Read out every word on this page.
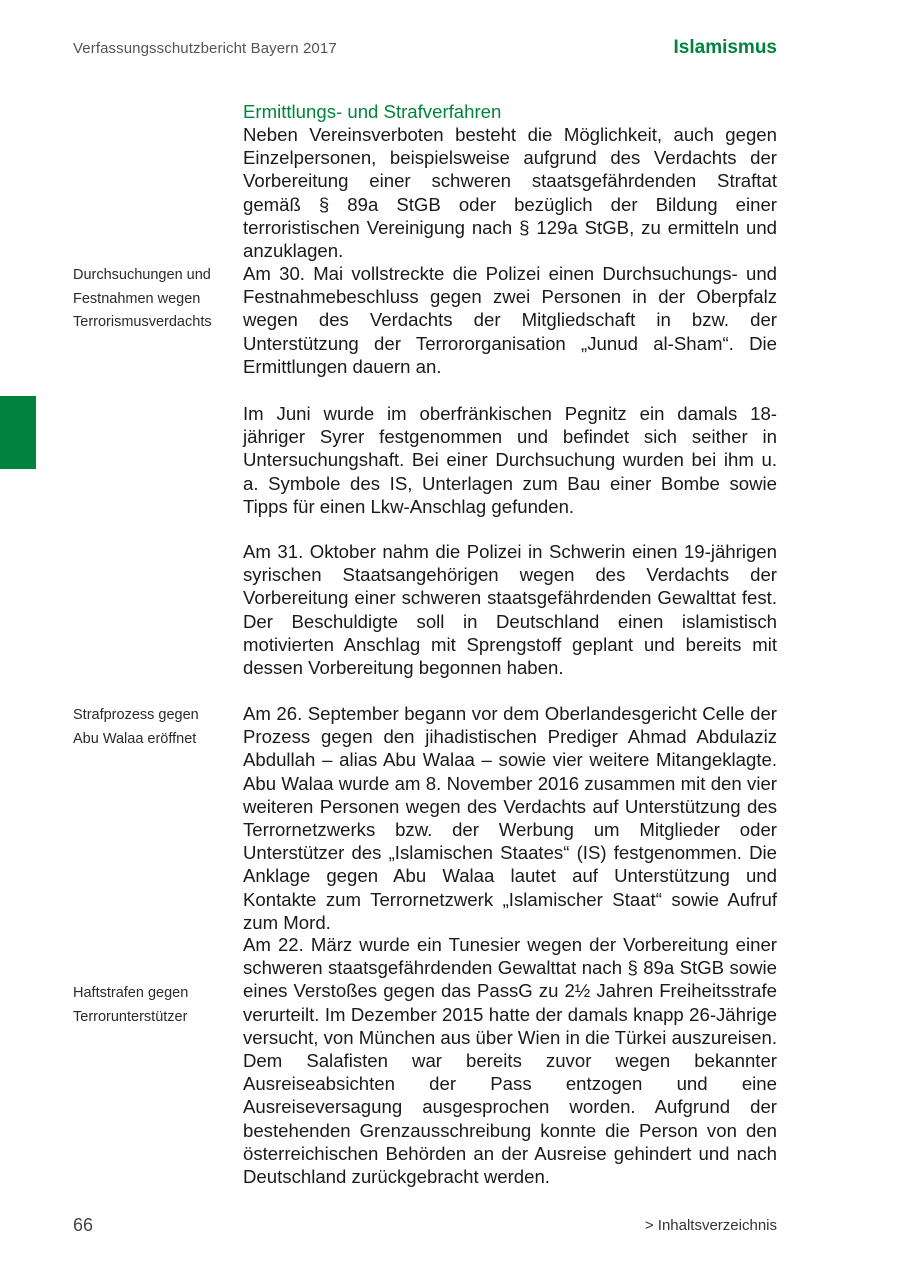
Verfassungsschutzbericht Bayern 2017	Islamismus
Ermittlungs- und Strafverfahren

Neben Vereinsverboten besteht die Möglichkeit, auch gegen Einzelpersonen, beispielsweise aufgrund des Verdachts der Vorbereitung einer schweren staatsgefährdenden Straftat gemäß § 89a StGB oder bezüglich der Bildung einer terroristischen Vereinigung nach § 129a StGB, zu ermitteln und anzuklagen.

Durchsuchungen und Festnahmen wegen Terrorismusverdachts

Am 30. Mai vollstreckte die Polizei einen Durchsuchungs- und Festnahmebeschluss gegen zwei Personen in der Oberpfalz wegen des Verdachts der Mitgliedschaft in bzw. der Unterstützung der Terrororganisation „Junud al-Sham“. Die Ermittlungen dauern an.

Im Juni wurde im oberfränkischen Pegnitz ein damals 18-jähriger Syrer festgenommen und befindet sich seither in Untersuchungshaft. Bei einer Durchsuchung wurden bei ihm u. a. Symbole des IS, Unterlagen zum Bau einer Bombe sowie Tipps für einen Lkw-Anschlag gefunden.

Am 31. Oktober nahm die Polizei in Schwerin einen 19-jährigen syrischen Staatsangehörigen wegen des Verdachts der Vorbereitung einer schweren staatsgefährdenden Gewalttat fest. Der Beschuldigte soll in Deutschland einen islamistisch motivierten Anschlag mit Sprengstoff geplant und bereits mit dessen Vorbereitung begonnen haben.

Strafprozess gegen Abu Walaa eröffnet

Am 26. September begann vor dem Oberlandesgericht Celle der Prozess gegen den jihadistischen Prediger Ahmad Abdulaziz Abdullah – alias Abu Walaa – sowie vier weitere Mitangeklagte. Abu Walaa wurde am 8. November 2016 zusammen mit den vier weiteren Personen wegen des Verdachts auf Unterstützung des Terrornetzwerks bzw. der Werbung um Mitglieder oder Unterstützer des „Islamischen Staates“ (IS) festgenommen. Die Anklage gegen Abu Walaa lautet auf Unterstützung und Kontakte zum Terrornetzwerk „Islamischer Staat“ sowie Aufruf zum Mord.

Haftstrafen gegen Terrorunterstützer

Am 22. März wurde ein Tunesier wegen der Vorbereitung einer schweren staatsgefährdenden Gewalttat nach § 89a StGB sowie eines Verstoßes gegen das PassG zu 2½ Jahren Freiheitsstrafe verurteilt. Im Dezember 2015 hatte der damals knapp 26-Jährige versucht, von München aus über Wien in die Türkei auszureisen. Dem Salafisten war bereits zuvor wegen bekannter Ausreiseabsichten der Pass entzogen und eine Ausreiseversagung ausgesprochen worden. Aufgrund der bestehenden Grenzausschreibung konnte die Person von den österreichischen Behörden an der Ausreise gehindert und nach Deutschland zurückgebracht werden.

66	> Inhaltsverzeichnis
